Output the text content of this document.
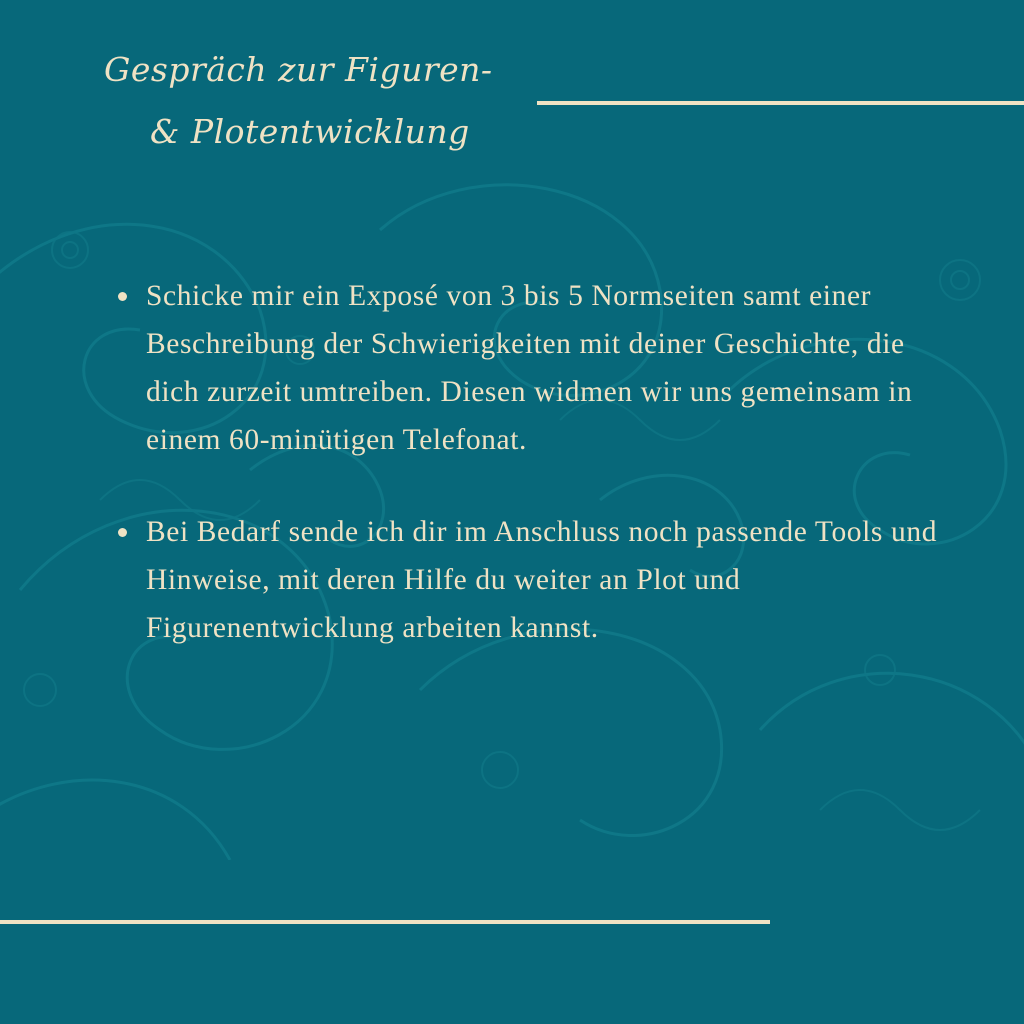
Gespräch zur Figuren-
& Plotentwicklung
Schicke mir ein Exposé von 3 bis 5 Normseiten samt einer Beschreibung der Schwierigkeiten mit deiner Geschichte, die dich zurzeit umtreiben. Diesen widmen wir uns gemeinsam in einem 60-minütigen Telefonat.
Bei Bedarf sende ich dir im Anschluss noch passende Tools und Hinweise, mit deren Hilfe du weiter an Plot und Figurenentwicklung arbeiten kannst.
